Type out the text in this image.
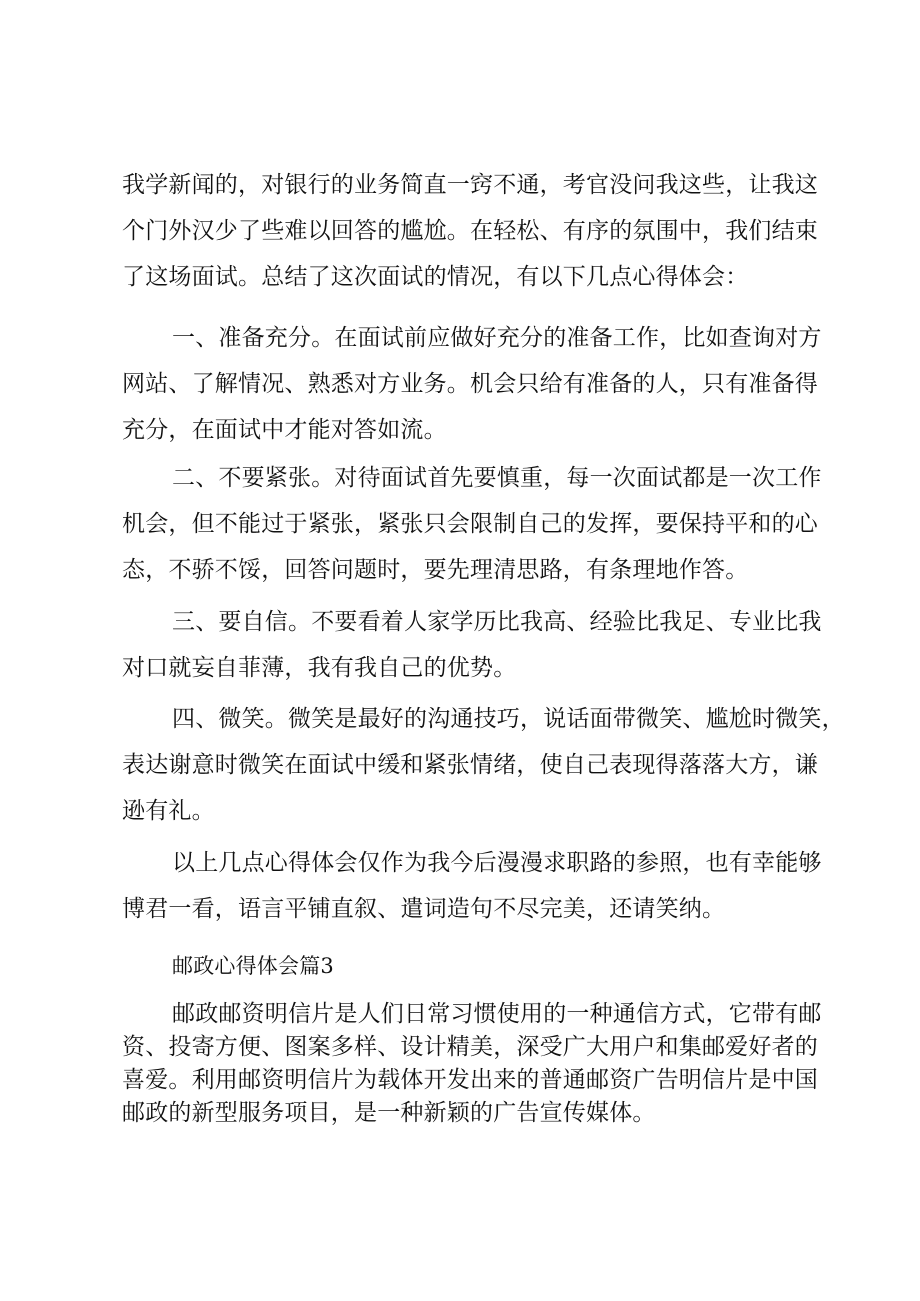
我学新闻的，对银行的业务简直一窍不通，考官没问我这些，让我这
个门外汉少了些难以回答的尴尬。在轻松、有序的氛围中，我们结束
了这场面试。总结了这次面试的情况，有以下几点心得体会：
一、准备充分。在面试前应做好充分的准备工作，比如查询对方
网站、了解情况、熟悉对方业务。机会只给有准备的人，只有准备得
充分，在面试中才能对答如流。
二、不要紧张。对待面试首先要慎重，每一次面试都是一次工作
机会，但不能过于紧张，紧张只会限制自己的发挥，要保持平和的心
态，不骄不馁，回答问题时，要先理清思路，有条理地作答。
三、要自信。不要看着人家学历比我高、经验比我足、专业比我
对口就妄自菲薄，我有我自己的优势。
四、微笑。微笑是最好的沟通技巧，说话面带微笑、尴尬时微笑，
表达谢意时微笑在面试中缓和紧张情绪，使自己表现得落落大方，谦
逊有礼。
以上几点心得体会仅作为我今后漫漫求职路的参照，也有幸能够
博君一看，语言平铺直叙、遣词造句不尽完美，还请笑纳。
邮政心得体会篇3
邮政邮资明信片是人们日常习惯使用的一种通信方式，它带有邮
资、投寄方便、图案多样、设计精美，深受广大用户和集邮爱好者的
喜爱。利用邮资明信片为载体开发出来的普通邮资广告明信片是中国
邮政的新型服务项目，是一种新颖的广告宣传媒体。
